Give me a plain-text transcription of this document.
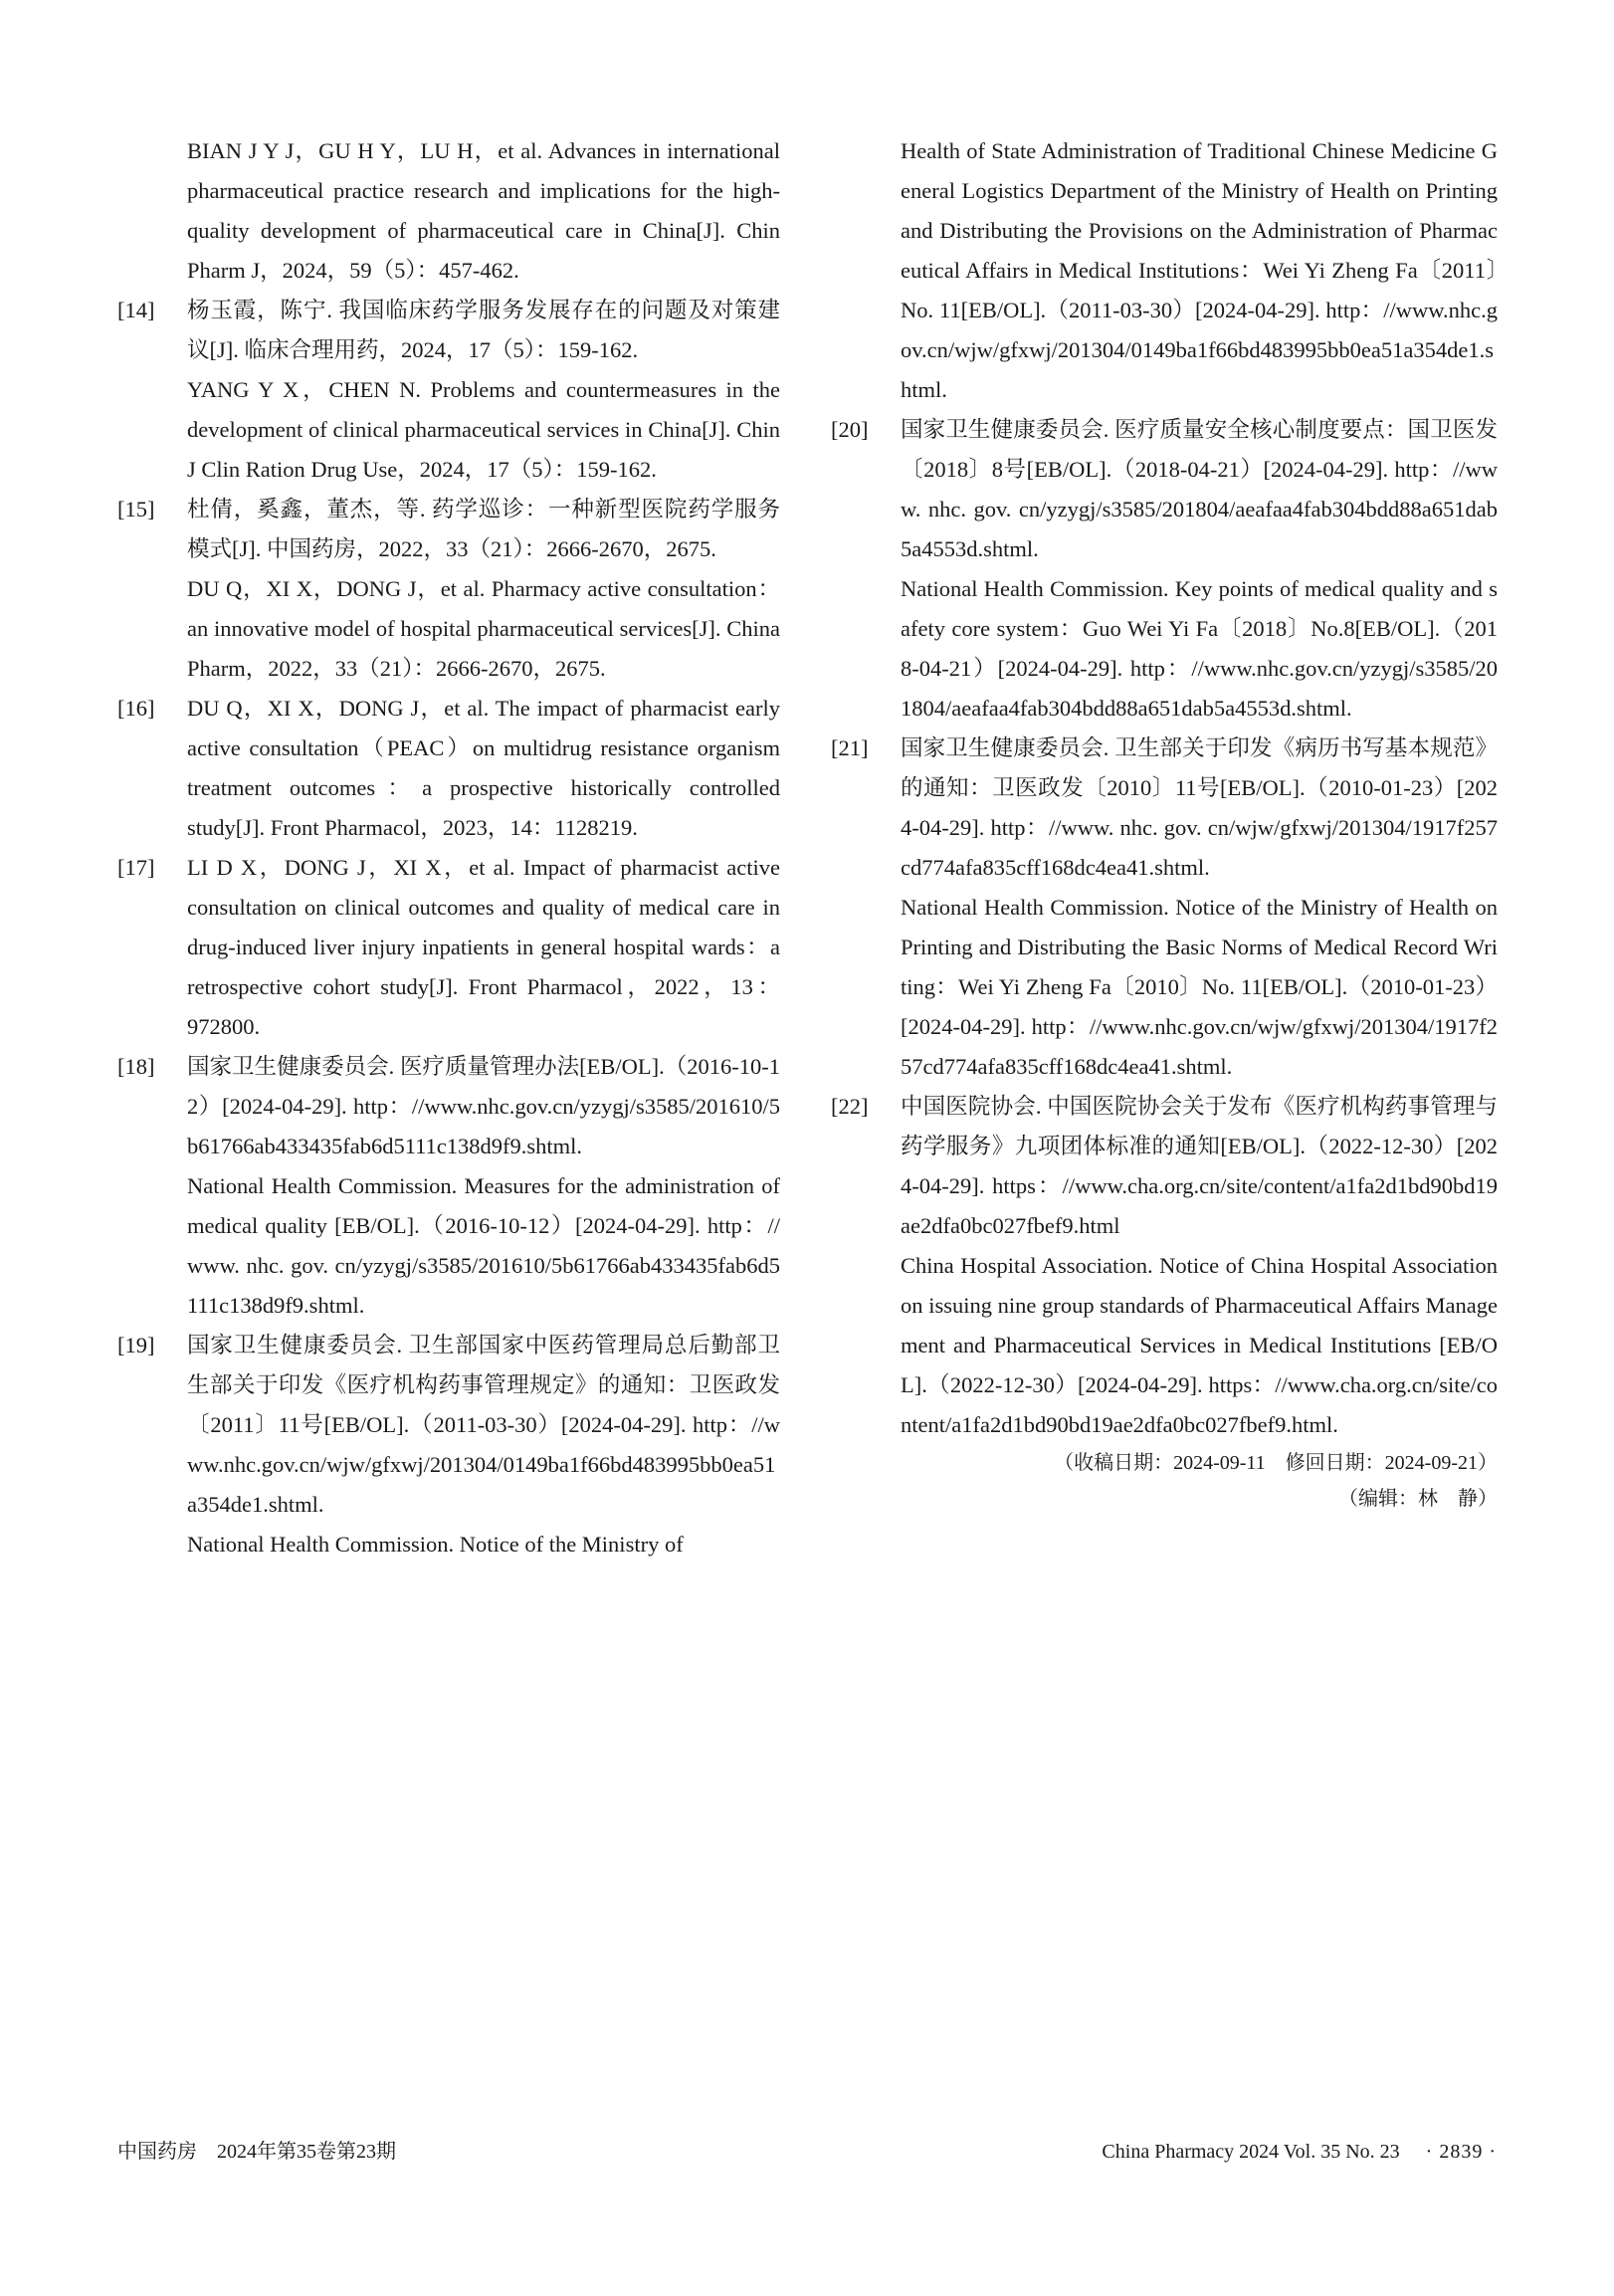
BIAN J Y J，GU H Y，LU H，et al. Advances in international pharmaceutical practice research and implications for the high-quality development of pharmaceutical care in China[J]. Chin Pharm J，2024，59（5）：457-462.

[14] 杨玉霞，陈宁. 我国临床药学服务发展存在的问题及对策建议[J]. 临床合理用药，2024，17（5）：159-162.

YANG Y X，CHEN N. Problems and countermeasures in the development of clinical pharmaceutical services in China[J]. Chin J Clin Ration Drug Use，2024，17（5）：159-162.

[15] 杜倩，奚鑫，董杰，等. 药学巡诊：一种新型医院药学服务模式[J]. 中国药房，2022，33（21）：2666-2670，2675.

DU Q，XI X，DONG J，et al. Pharmacy active consultation：an innovative model of hospital pharmaceutical services[J]. China Pharm，2022，33（21）：2666-2670，2675.

[16] DU Q，XI X，DONG J，et al. The impact of pharmacist early active consultation（PEAC）on multidrug resistance organism treatment outcomes：a prospective historically controlled study[J]. Front Pharmacol，2023，14：1128219.

[17] LI D X，DONG J，XI X，et al. Impact of pharmacist active consultation on clinical outcomes and quality of medical care in drug-induced liver injury inpatients in general hospital wards：a retrospective cohort study[J]. Front Pharmacol，2022，13：972800.

[18] 国家卫生健康委员会. 医疗质量管理办法[EB/OL].（2016-10-12）[2024-04-29]. http：//www.nhc.gov.cn/yzygj/s3585/201610/5b61766ab433435fab6d5111c138d9f9.shtml.

National Health Commission. Measures for the administration of medical quality [EB/OL].（2016-10-12）[2024-04-29]. http：//www. nhc. gov. cn/yzygj/s3585/201610/5b61766ab433435fab6d5111c138d9f9.shtml.

[19] 国家卫生健康委员会. 卫生部国家中医药管理局总后勤部卫生部关于印发《医疗机构药事管理规定》的通知：卫医政发〔2011〕11号[EB/OL].（2011-03-30）[2024-04-29]. http：//www.nhc.gov.cn/wjw/gfxwj/201304/0149ba1f66bd483995bb0ea51a354de1.shtml.

National Health Commission. Notice of the Ministry of

Health of State Administration of Traditional Chinese Medicine General Logistics Department of the Ministry of Health on Printing and Distributing the Provisions on the Administration of Pharmaceutical Affairs in Medical Institutions：Wei Yi Zheng Fa〔2011〕No. 11[EB/OL].（2011-03-30）[2024-04-29]. http：//www.nhc.gov.cn/wjw/gfxwj/201304/0149ba1f66bd483995bb0ea51a354de1.shtml.

[20] 国家卫生健康委员会. 医疗质量安全核心制度要点：国卫医发〔2018〕8号[EB/OL].（2018-04-21）[2024-04-29]. http：//www. nhc. gov. cn/yzygj/s3585/201804/aeafaa4fab304bdd88a651dab5a4553d.shtml.

National Health Commission. Key points of medical quality and safety core system：Guo Wei Yi Fa〔2018〕No.8[EB/OL].（2018-04-21）[2024-04-29]. http：//www.nhc.gov.cn/yzygj/s3585/201804/aeafaa4fab304bdd88a651dab5a4553d.shtml.

[21] 国家卫生健康委员会. 卫生部关于印发《病历书写基本规范》的通知：卫医政发〔2010〕11号[EB/OL].（2010-01-23）[2024-04-29]. http：//www. nhc. gov. cn/wjw/gfxwj/201304/1917f257cd774afa835cff168dc4ea41.shtml.

National Health Commission. Notice of the Ministry of Health on Printing and Distributing the Basic Norms of Medical Record Writing：Wei Yi Zheng Fa〔2010〕No. 11[EB/OL].（2010-01-23）[2024-04-29]. http：//www.nhc.gov.cn/wjw/gfxwj/201304/1917f257cd774afa835cff168dc4ea41.shtml.

[22] 中国医院协会. 中国医院协会关于发布《医疗机构药事管理与药学服务》九项团体标准的通知[EB/OL].（2022-12-30）[2024-04-29]. https：//www.cha.org.cn/site/content/a1fa2d1bd90bd19ae2dfa0bc027fbef9.html

China Hospital Association. Notice of China Hospital Association on issuing nine group standards of Pharmaceutical Affairs Management and Pharmaceutical Services in Medical Institutions [EB/OL].（2022-12-30）[2024-04-29]. https：//www.cha.org.cn/site/content/a1fa2d1bd90bd19ae2dfa0bc027fbef9.html.

（收稿日期：2024-09-11　修回日期：2024-09-21）
（编辑：林　静）
中国药房　2024年第35卷第23期	China Pharmacy 2024 Vol. 35 No. 23 · 2839 ·
